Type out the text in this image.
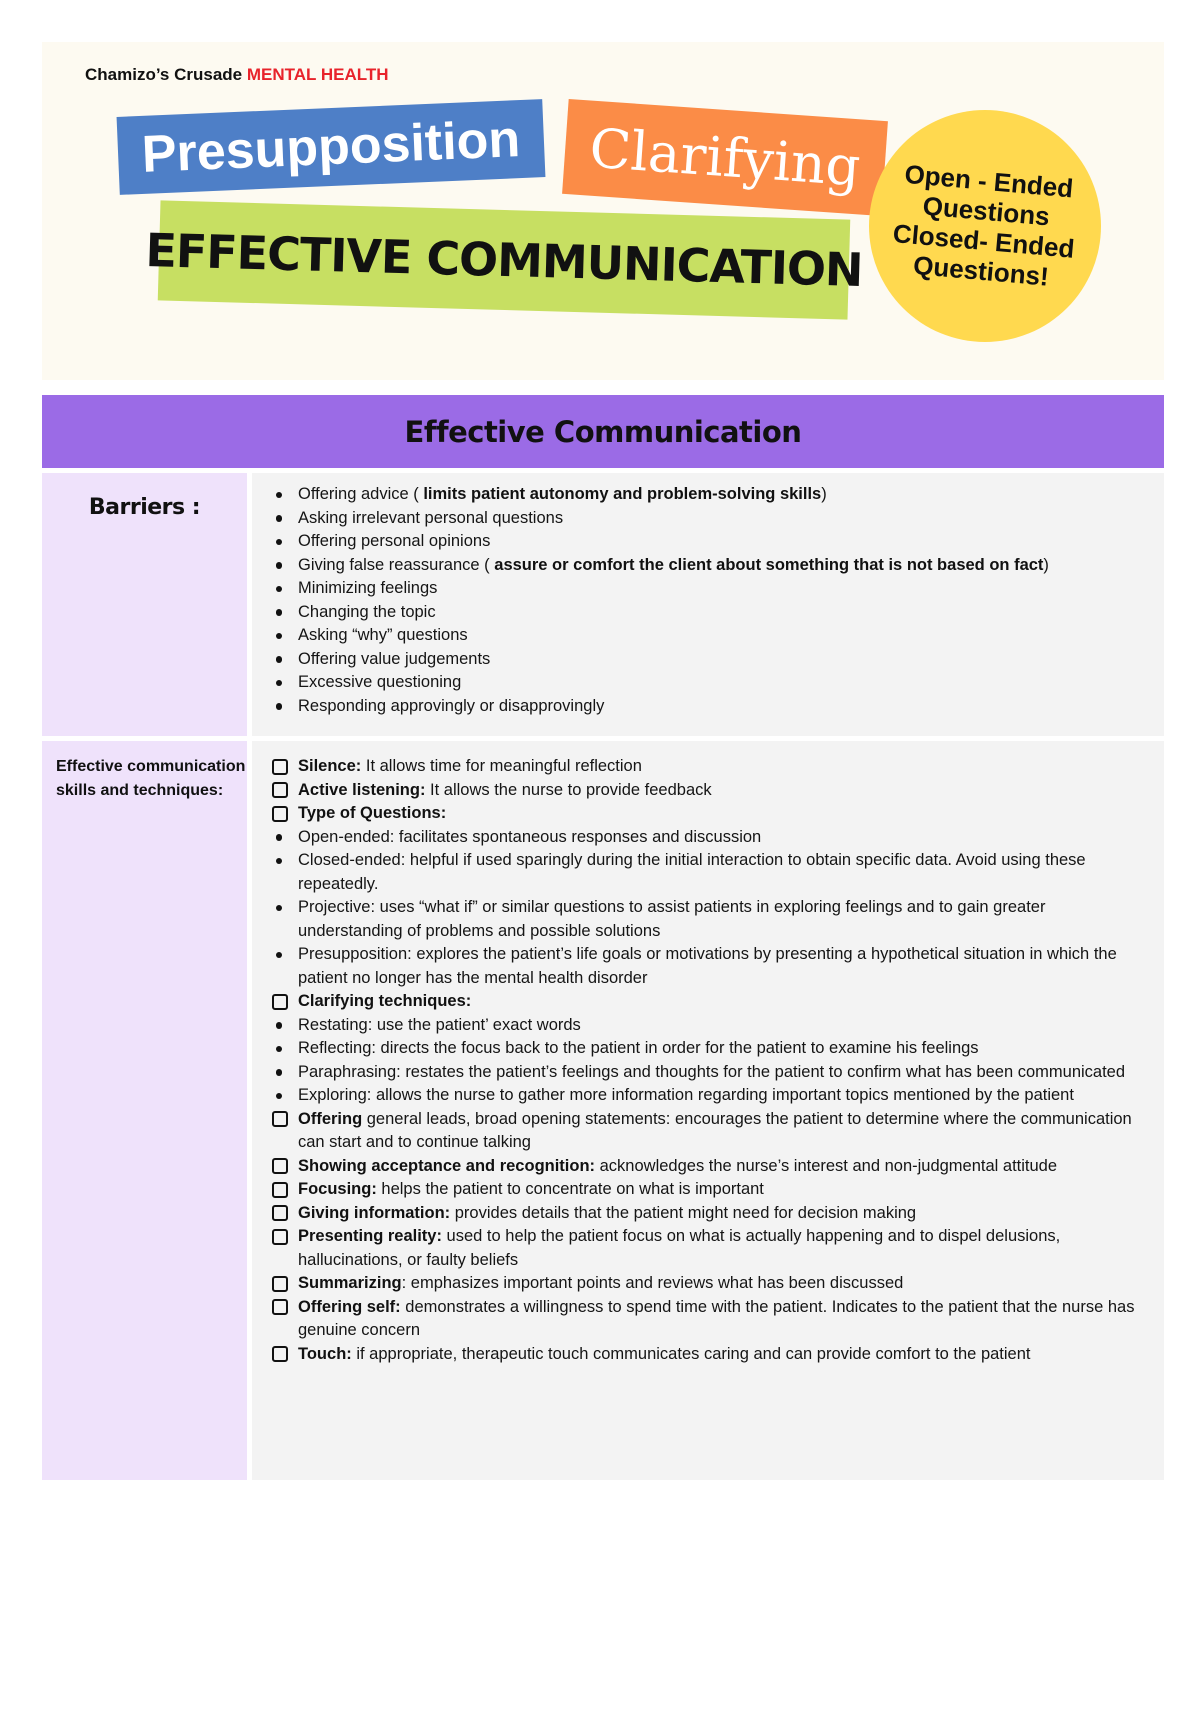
Chamizo’s Crusade MENTAL HEALTH
Presupposition	Clarifying
EFFECTIVE COMMUNICATION
Open - Ended
Questions
Closed- Ended
Questions!
Effective Communication
Barriers :
Offering advice ( limits patient autonomy and problem-solving skills)
Asking irrelevant personal questions
Offering personal opinions
Giving false reassurance ( assure or comfort the client about something that is not based on fact)
Minimizing feelings
Changing the topic
Asking “why” questions
Offering value judgements
Excessive questioning
Responding approvingly or disapprovingly
Effective communication skills and techniques:
Silence: It allows time for meaningful reflection
Active listening: It allows the nurse to provide feedback
Type of Questions:
Open-ended: facilitates spontaneous responses and discussion
Closed-ended: helpful if used sparingly during the initial interaction to obtain specific data. Avoid using these repeatedly.
Projective: uses “what if” or similar questions to assist patients in exploring feelings and to gain greater understanding of problems and possible solutions
Presupposition: explores the patient’s life goals or motivations by presenting a hypothetical situation in which the patient no longer has the mental health disorder
Clarifying techniques:
Restating: use the patient’ exact words
Reflecting: directs the focus back to the patient in order for the patient to examine his feelings
Paraphrasing: restates the patient’s feelings and thoughts for the patient to confirm what has been communicated
Exploring: allows the nurse to gather more information regarding important topics mentioned by the patient
Offering general leads, broad opening statements: encourages the patient to determine where the communication can start and to continue talking
Showing acceptance and recognition: acknowledges the nurse’s interest and non-judgmental attitude
Focusing: helps the patient to concentrate on what is important
Giving information: provides details that the patient might need for decision making
Presenting reality: used to help the patient focus on what is actually happening and to dispel delusions, hallucinations, or faulty beliefs
Summarizing: emphasizes important points and reviews what has been discussed
Offering self: demonstrates a willingness to spend time with the patient. Indicates to the patient that the nurse has genuine concern
Touch: if appropriate, therapeutic touch communicates caring and can provide comfort to the patient
